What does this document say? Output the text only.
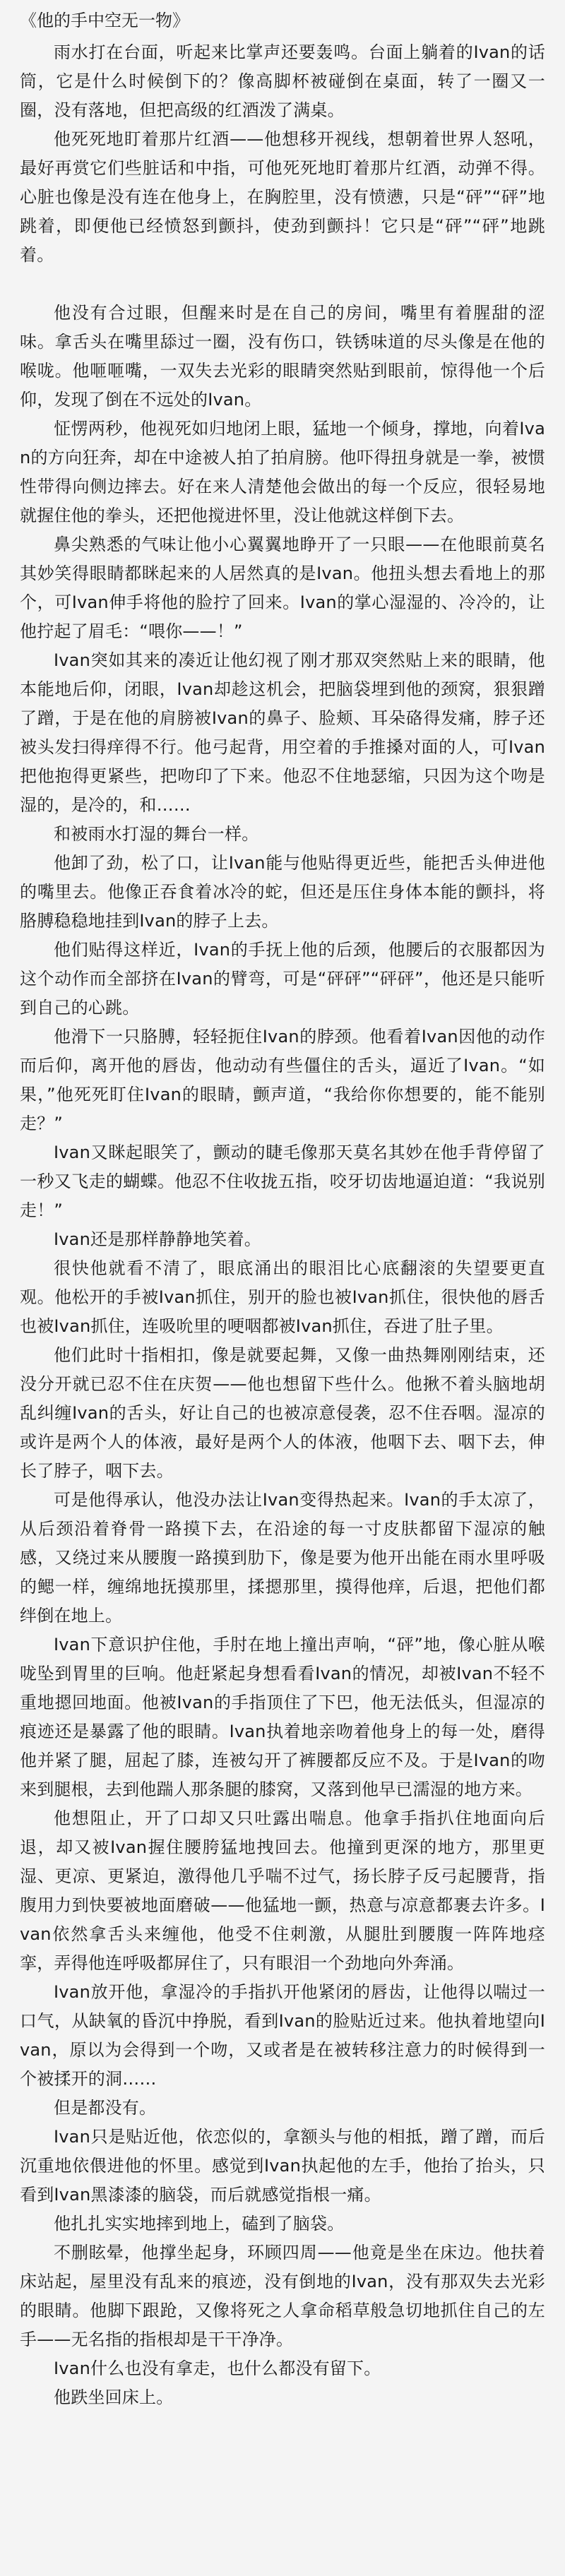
《他的手中空无一物》

雨水打在台面，听起来比掌声还要轰鸣。台面上躺着的Ivan的话筒，它是什么时候倒下的？像高脚杯被碰倒在桌面，转了一圈又一圈，没有落地，但把高级的红酒泼了满桌。

他死死地盯着那片红酒——他想移开视线，想朝着世界人怒吼，最好再赏它们些脏话和中指，可他死死地盯着那片红酒，动弹不得。心脏也像是没有连在他身上，在胸腔里，没有愤懑，只是“砰”“砰”地跳着，即便他已经愤怒到颤抖，使劲到颤抖！它只是“砰”“砰”地跳着。

他没有合过眼，但醒来时是在自己的房间，嘴里有着腥甜的涩味。拿舌头在嘴里舔过一圈，没有伤口，铁锈味道的尽头像是在他的喉咙。他咂咂嘴，一双失去光彩的眼睛突然贴到眼前，惊得他一个后仰，发现了倒在不远处的Ivan。

怔愣两秒，他视死如归地闭上眼，猛地一个倾身，撑地，向着Ivan的方向狂奔，却在中途被人拍了拍肩膀。他吓得扭身就是一拳，被惯性带得向侧边摔去。好在来人清楚他会做出的每一个反应，很轻易地就握住他的拳头，还把他搅进怀里，没让他就这样倒下去。

鼻尖熟悉的气味让他小心翼翼地睁开了一只眼——在他眼前莫名其妙笑得眼睛都眯起来的人居然真的是Ivan。他扭头想去看地上的那个，可Ivan伸手将他的脸拧了回来。Ivan的掌心湿湿的、冷冷的，让他拧起了眉毛：“喂你——！”

Ivan突如其来的凑近让他幻视了刚才那双突然贴上来的眼睛，他本能地后仰，闭眼，Ivan却趁这机会，把脑袋埋到他的颈窝，狠狠蹭了蹭，于是在他的肩膀被Ivan的鼻子、脸颊、耳朵硌得发痛，脖子还被头发扫得痒得不行。他弓起背，用空着的手推搡对面的人，可Ivan把他抱得更紧些，把吻印了下来。他忍不住地瑟缩，只因为这个吻是湿的，是冷的，和……

和被雨水打湿的舞台一样。

他卸了劲，松了口，让Ivan能与他贴得更近些，能把舌头伸进他的嘴里去。他像正吞食着冰冷的蛇，但还是压住身体本能的颤抖，将胳膊稳稳地挂到Ivan的脖子上去。

他们贴得这样近，Ivan的手抚上他的后颈，他腰后的衣服都因为这个动作而全部挤在Ivan的臂弯，可是“砰砰”“砰砰”，他还是只能听到自己的心跳。

他滑下一只胳膊，轻轻扼住Ivan的脖颈。他看着Ivan因他的动作而后仰，离开他的唇齿，他动动有些僵住的舌头，逼近了Ivan。“如果，”他死死盯住Ivan的眼睛，颤声道，“我给你你想要的，能不能别走？”

Ivan又眯起眼笑了，颤动的睫毛像那天莫名其妙在他手背停留了一秒又飞走的蝴蝶。他忍不住收拢五指，咬牙切齿地逼迫道：“我说别走！”

Ivan还是那样静静地笑着。

很快他就看不清了，眼底涌出的眼泪比心底翻滚的失望要更直观。他松开的手被Ivan抓住，别开的脸也被Ivan抓住，很快他的唇舌也被Ivan抓住，连吸吮里的哽咽都被Ivan抓住，吞进了肚子里。

他们此时十指相扣，像是就要起舞，又像一曲热舞刚刚结束，还没分开就已忍不住在庆贺——他也想留下些什么。他揪不着头脑地胡乱纠缠Ivan的舌头，好让自己的也被凉意侵袭，忍不住吞咽。湿凉的或许是两个人的体液，最好是两个人的体液，他咽下去、咽下去，伸长了脖子，咽下去。

可是他得承认，他没办法让Ivan变得热起来。Ivan的手太凉了，从后颈沿着脊骨一路摸下去，在沿途的每一寸皮肤都留下湿凉的触感，又绕过来从腰腹一路摸到肋下，像是要为他开出能在雨水里呼吸的鳃一样，缠绵地抚摸那里，揉摁那里，摸得他痒，后退，把他们都绊倒在地上。

Ivan下意识护住他，手肘在地上撞出声响，“砰”地，像心脏从喉咙坠到胃里的巨响。他赶紧起身想看看Ivan的情况，却被Ivan不轻不重地摁回地面。他被Ivan的手指顶住了下巴，他无法低头，但湿凉的痕迹还是暴露了他的眼睛。Ivan执着地亲吻着他身上的每一处，磨得他并紧了腿，屈起了膝，连被勾开了裤腰都反应不及。于是Ivan的吻来到腿根，去到他踹人那条腿的膝窝，又落到他早已濡湿的地方来。

他想阻止，开了口却又只吐露出喘息。他拿手指扒住地面向后退，却又被Ivan握住腰胯猛地拽回去。他撞到更深的地方，那里更湿、更凉、更紧迫，激得他几乎喘不过气，扬长脖子反弓起腰背，指腹用力到快要被地面磨破——他猛地一颤，热意与凉意都裹去许多。Ivan依然拿舌头来缠他，他受不住刺激，从腿肚到腰腹一阵阵地痉挛，弄得他连呼吸都屏住了，只有眼泪一个劲地向外奔涌。

Ivan放开他，拿湿冷的手指扒开他紧闭的唇齿，让他得以喘过一口气，从缺氧的昏沉中挣脱，看到Ivan的脸贴近过来。他执着地望向Ivan，原以为会得到一个吻，又或者是在被转移注意力的时候得到一个被揉开的洞……

但是都没有。

Ivan只是贴近他，依恋似的，拿额头与他的相抵，蹭了蹭，而后沉重地依偎进他的怀里。感觉到Ivan执起他的左手，他抬了抬头，只看到Ivan黑漆漆的脑袋，而后就感觉指根一痛。

他扎扎实实地摔到地上，磕到了脑袋。

不删眩晕，他撑坐起身，环顾四周——他竟是坐在床边。他扶着床站起，屋里没有乱来的痕迹，没有倒地的Ivan，没有那双失去光彩的眼睛。他脚下跟跄，又像将死之人拿命稻草般急切地抓住自己的左手——无名指的指根却是干干净净。

Ivan什么也没有拿走，也什么都没有留下。

他跌坐回床上。
